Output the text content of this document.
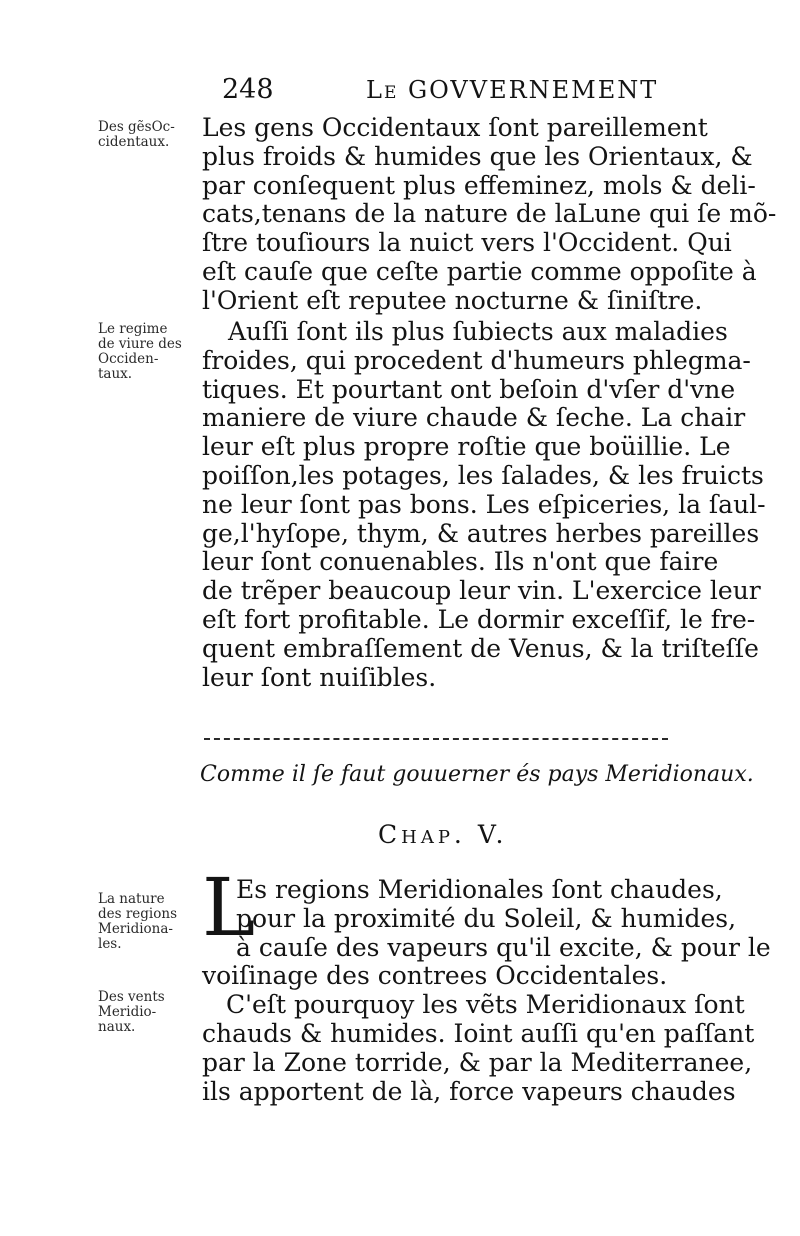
248	Le GOVVERNEMENT
Des gẽsOc-
cidentaux.
Le regime
de viure des
Occiden-
taux.
La nature
des regions
Meridiona-
les.
Des vents
Meridio-
naux.
Les gens Occidentaux ſont pareillement
plus froids & humides que les Orientaux, &
par conſequent plus effeminez, mols & deli-
cats,tenans de la nature de laLune qui ſe mõ-
ſtre touſiours la nuict vers l'Occident. Qui
eſt cauſe que ceſte partie comme oppoſite à
l'Orient eſt reputee nocturne & ſiniſtre.
Auſſi ſont ils plus ſubiects aux maladies
froides, qui procedent d'humeurs phlegma-
tiques. Et pourtant ont beſoin d'vſer d'vne
maniere de viure chaude & ſeche. La chair
leur eſt plus propre roſtie que boüillie. Le
poiſſon,les potages, les ſalades, & les fruicts
ne leur ſont pas bons. Les eſpiceries, la ſaul-
ge,l'hyſope, thym, & autres herbes pareilles
leur ſont conuenables. Ils n'ont que faire
de trẽper beaucoup leur vin. L'exercice leur
eſt fort profitable. Le dormir exceſſif, le fre-
quent embraſſement de Venus, & la triſteſſe
leur ſont nuiſibles.
Comme il ſe faut gouuerner és pays Meridionaux.
Chap. V.
L
Es regions Meridionales ſont chaudes,
pour la proximité du Soleil, & humides,
à cauſe des vapeurs qu'il excite, & pour le
voiſinage des contrees Occidentales.
C'eſt pourquoy les vẽts Meridionaux ſont
chauds & humides. Ioint auſſi qu'en paſſant
par la Zone torride, & par la Mediterranee,
ils apportent de là, force vapeurs chaudes
